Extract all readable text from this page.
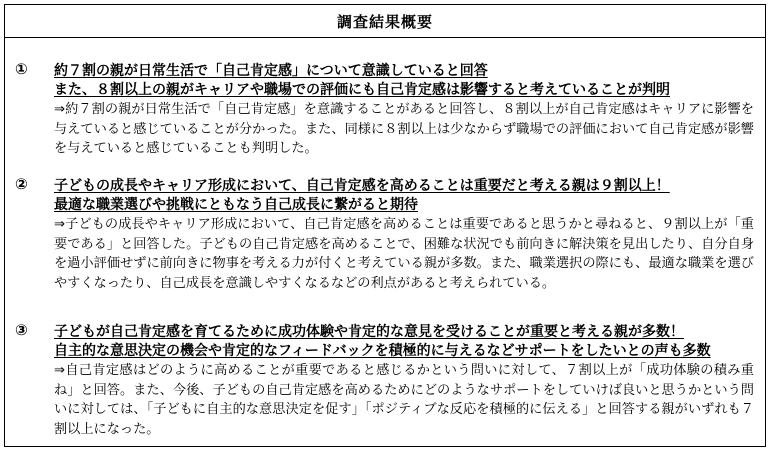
調査結果概要
① 約７割の親が日常生活で「自己肯定感」について意識していると回答
また、８割以上の親がキャリアや職場での評価にも自己肯定感は影響すると考えていることが判明

⇒約７割の親が日常生活で「自己肯定感」を意識することがあると回答し、８割以上が自己肯定感はキャリアに影響を与えていると感じていることが分かった。また、同様に８割以上は少なからず職場での評価において自己肯定感が影響を与えていると感じていることも判明した。

② 子どもの成長やキャリア形成において、自己肯定感を高めることは重要だと考える親は９割以上！
最適な職業選びや挑戦にともなう自己成長に繋がると期待

⇒子どもの成長やキャリア形成において、自己肯定感を高めることは重要であると思うかと尋ねると、９割以上が「重要である」と回答した。子どもの自己肯定感を高めることで、困難な状況でも前向きに解決策を見出したり、自分自身を過小評価せずに前向きに物事を考える力が付くと考えている親が多数。また、職業選択の際にも、最適な職業を選びやすくなったり、自己成長を意識しやすくなるなどの利点があると考えられている。

③ 子どもが自己肯定感を育てるために成功体験や肯定的な意見を受けることが重要と考える親が多数！
自主的な意思決定の機会や肯定的なフィードバックを積極的に与えるなどサポートをしたいとの声も多数

⇒自己肯定感はどのように高めることが重要であると感じるかという問いに対して、７割以上が「成功体験の積み重ね」と回答。また、今後、子どもの自己肯定感を高めるためにどのようなサポートをしていけば良いと思うかという問いに対しては、「子どもに自主的な意思決定を促す」「ポジティブな反応を積極的に伝える」と回答する親がいずれも７割以上になった。
